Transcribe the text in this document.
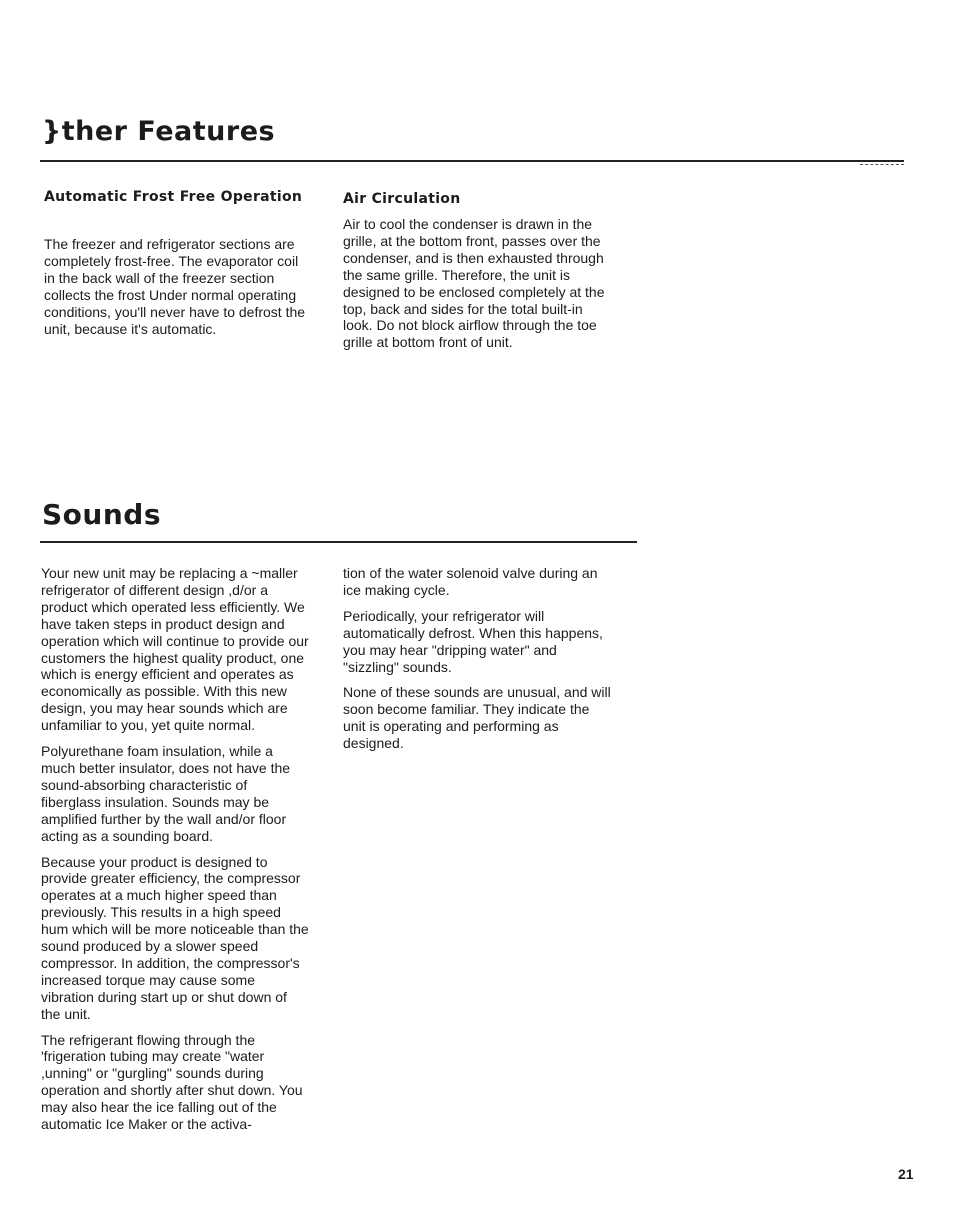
}ther Features
Automatic Frost Free Operation

The freezer and refrigerator sections are completely frost-free. The evaporator coil in the back wall of the freezer section collects the frost Under normal operating conditions, you'll never have to defrost the unit, because it's automatic.

Air Circulation

Air to cool the condenser is drawn in the grille, at the bottom front, passes over the condenser, and is then exhausted through the same grille. Therefore, the unit is designed to be enclosed completely at the top, back and sides for the total built-in look. Do not block airflow through the toe grille at bottom front of unit.

Sounds

Your new unit may be replacing a ~maller refrigerator of different design ,d/or a product which operated less efficiently. We have taken steps in product design and operation which will continue to provide our customers the highest quality product, one which is energy efficient and operates as economically as possible. With this new design, you may hear sounds which are unfamiliar to you, yet quite normal.

Polyurethane foam insulation, while a much better insulator, does not have the sound-absorbing characteristic of fiberglass insulation. Sounds may be amplified further by the wall and/or floor acting as a sounding board.

Because your product is designed to provide greater efficiency, the compressor operates at a much higher speed than previously. This results in a high speed hum which will be more noticeable than the sound produced by a slower speed compressor. In addition, the compressor's increased torque may cause some vibration during start up or shut down of the unit.

The refrigerant flowing through the 'frigeration tubing may create "water ,unning" or "gurgling" sounds during operation and shortly after shut down. You may also hear the ice falling out of the automatic Ice Maker or the activa-

tion of the water solenoid valve during an ice making cycle.

Periodically, your refrigerator will automatically defrost. When this happens, you may hear "dripping water" and "sizzling" sounds.

None of these sounds are unusual, and will soon become familiar. They indicate the unit is operating and performing as designed.

21
